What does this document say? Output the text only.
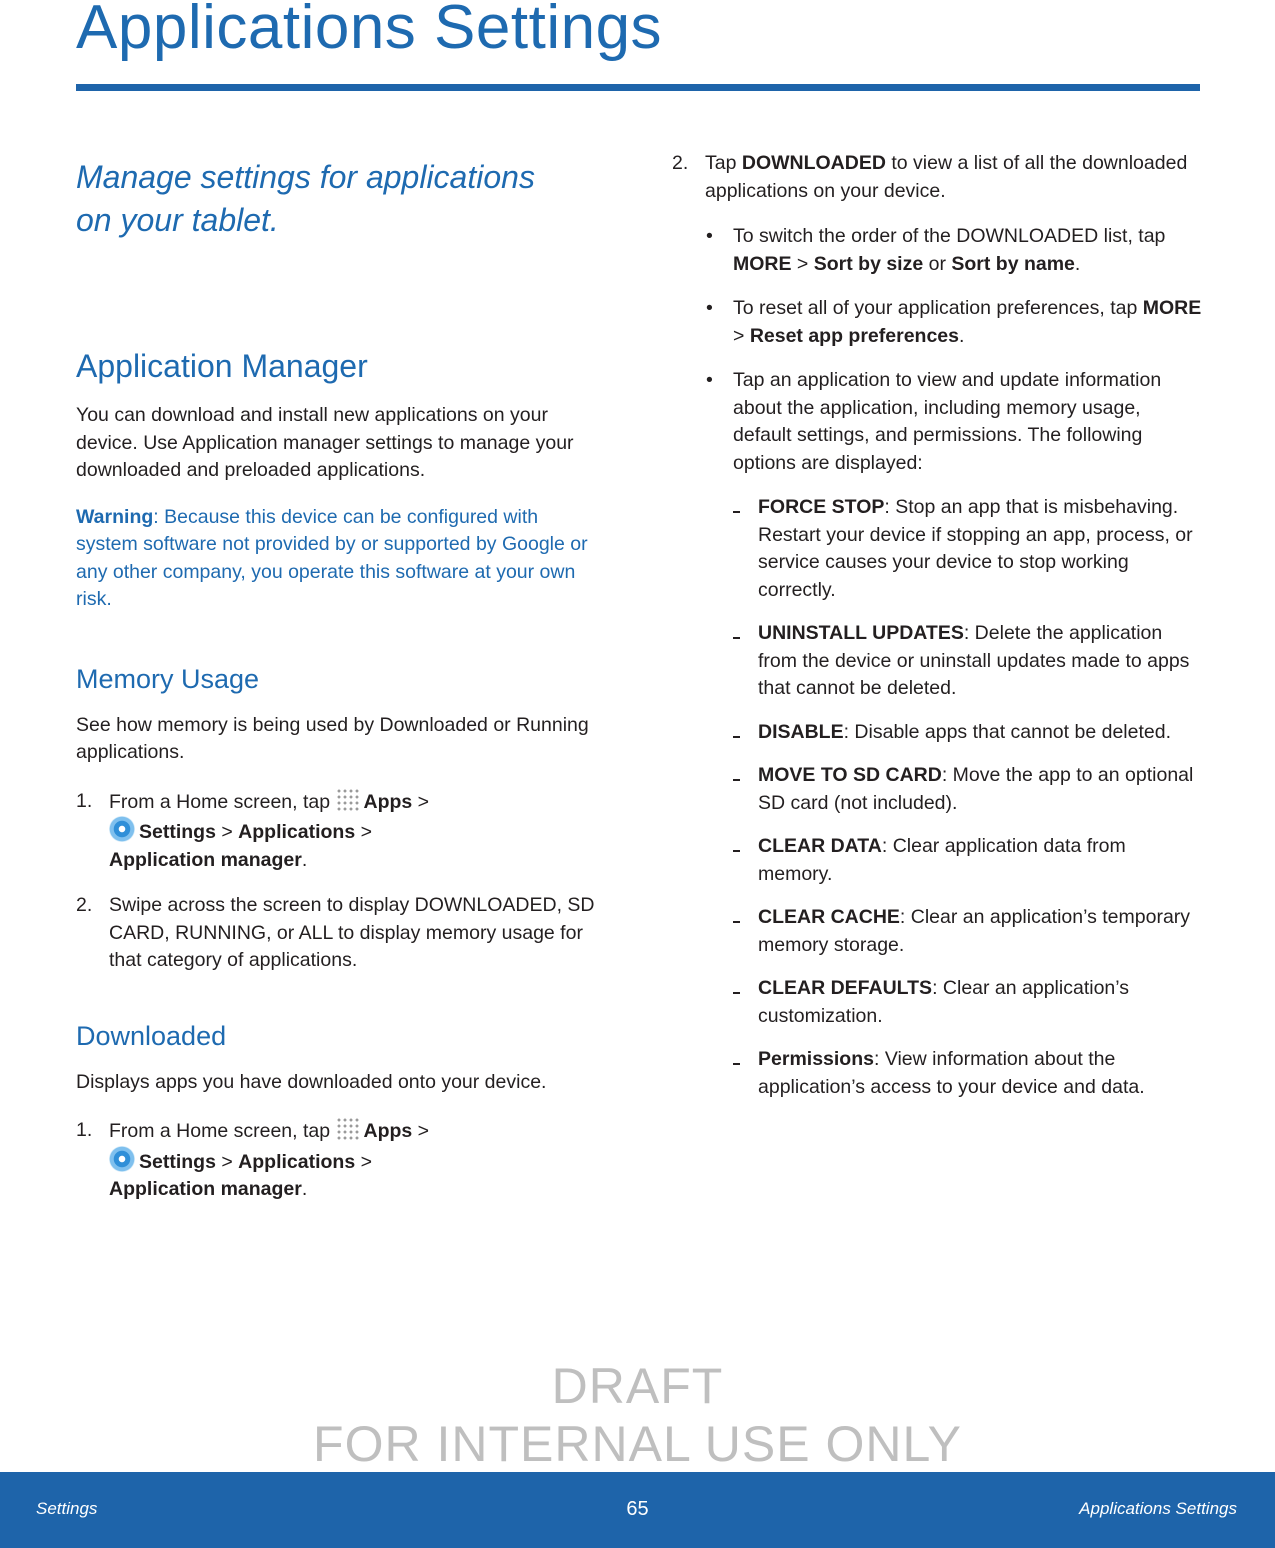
Applications Settings

Manage settings for applications
on your tablet.

Application Manager

You can download and install new applications on your device. Use Application manager settings to manage your downloaded and preloaded applications.

Warning: Because this device can be configured with system software not provided by or supported by Google or any other company, you operate this software at your own risk.

Memory Usage

See how memory is being used by Downloaded or Running applications.

1. From a Home screen, tap Apps >
Settings > Applications >
Application manager.
2. Swipe across the screen to display DOWNLOADED, SD CARD, RUNNING, or ALL to display memory usage for that category of applications.
Downloaded

Displays apps you have downloaded onto your device.

1. From a Home screen, tap Apps >
Settings > Applications >
Application manager.
2. Tap DOWNLOADED to view a list of all the downloaded applications on your device.
• To switch the order of the DOWNLOADED list, tap MORE > Sort by size or Sort by name.
• To reset all of your application preferences, tap MORE > Reset app preferences.
• Tap an application to view and update information about the application, including memory usage, default settings, and permissions. The following options are displayed:
FORCE STOP: Stop an app that is misbehaving. Restart your device if stopping an app, process, or service causes your device to stop working correctly.
UNINSTALL UPDATES: Delete the application from the device or uninstall updates made to apps that cannot be deleted.
DISABLE: Disable apps that cannot be deleted.
MOVE TO SD CARD: Move the app to an optional SD card (not included).
CLEAR DATA: Clear application data from memory.
CLEAR CACHE: Clear an application’s temporary memory storage.
CLEAR DEFAULTS: Clear an application’s customization.
Permissions: View information about the application’s access to your device and data.
DRAFT
FOR INTERNAL USE ONLY
Settings	65	Applications Settings
